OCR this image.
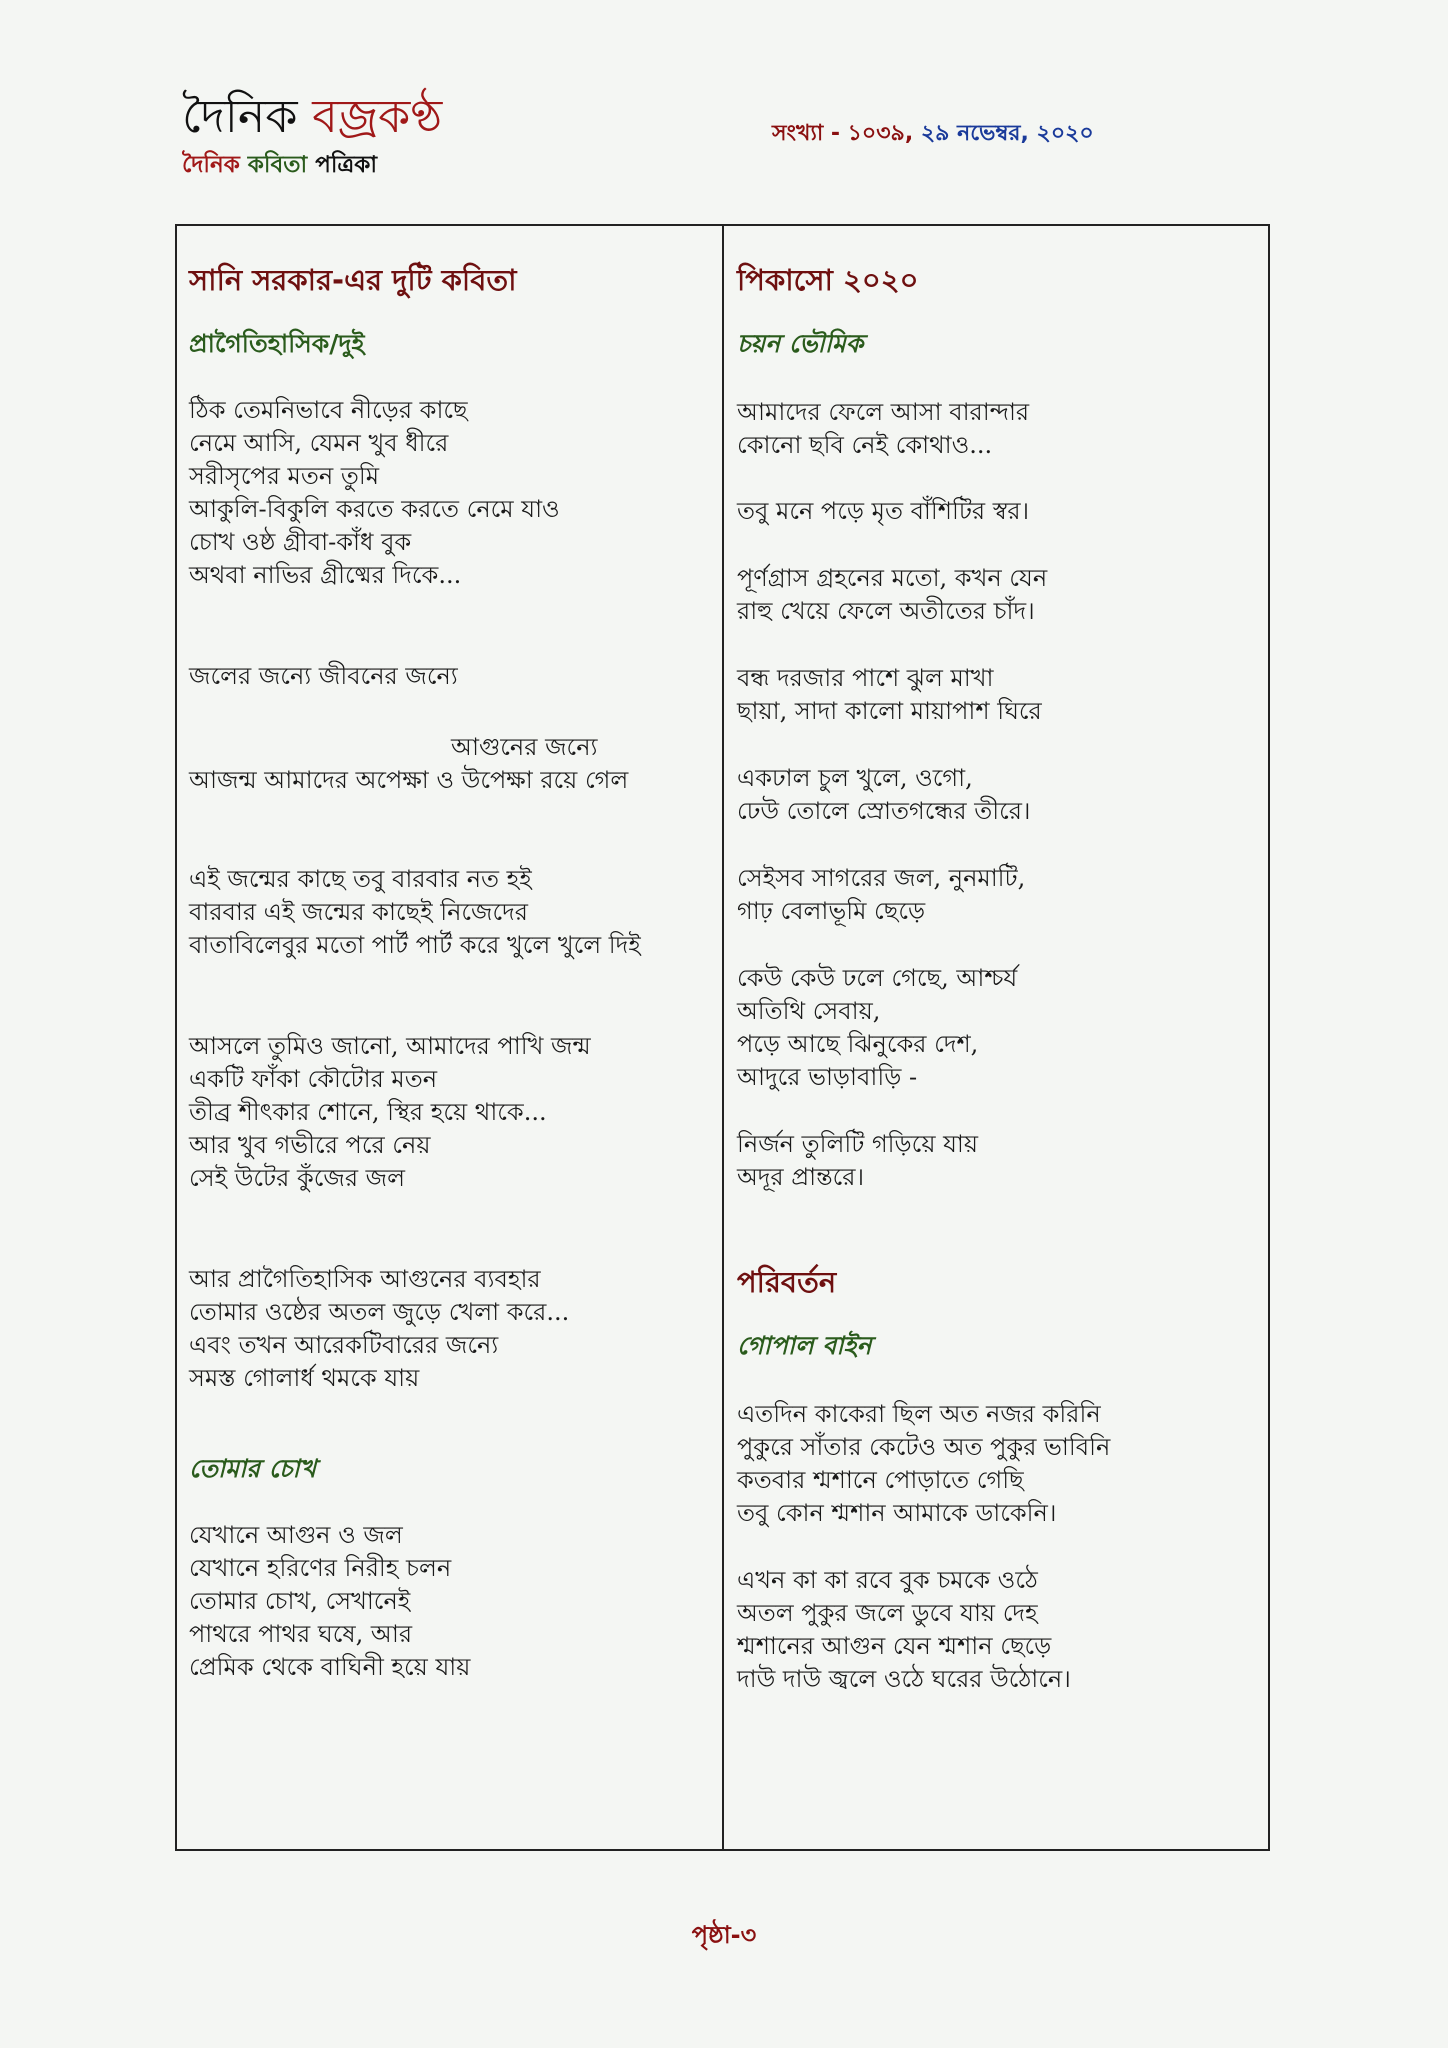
দৈনিক বজ্রকণ্ঠ
দৈনিক কবিতা পত্রিকা
সংখ্যা - ১০৩৯, ২৯ নভেম্বর, ২০২০
সানি সরকার-এর দুটি কবিতা
প্রাগৈতিহাসিক/দুই
ঠিক তেমনিভাবে নীড়ের কাছে
নেমে আসি, যেমন খুব ধীরে
সরীসৃপের মতন তুমি
আকুলি-বিকুলি করতে করতে নেমে যাও
চোখ ওষ্ঠ গ্রীবা-কাঁধ বুক
অথবা নাভির গ্রীষ্মের দিকে...
জলের জন্যে জীবনের জন্যে
আগুনের জন্যে
আজন্ম আমাদের অপেক্ষা ও উপেক্ষা রয়ে গেল
এই জন্মের কাছে তবু বারবার নত হই
বারবার এই জন্মের কাছেই নিজেদের
বাতাবিলেবুর মতো পার্ট পার্ট করে খুলে খুলে দিই
আসলে তুমিও জানো, আমাদের পাখি জন্ম
একটি ফাঁকা কৌটোর মতন
তীব্র শীৎকার শোনে, স্থির হয়ে থাকে...
আর খুব গভীরে পরে নেয়
সেই উটের কুঁজের জল
আর প্রাগৈতিহাসিক আগুনের ব্যবহার
তোমার ওষ্ঠের অতল জুড়ে খেলা করে...
এবং তখন আরেকটিবারের জন্যে
সমস্ত গোলার্ধ থমকে যায়
তোমার চোখ
যেখানে আগুন ও জল
যেখানে হরিণের নিরীহ চলন
তোমার চোখ, সেখানেই
পাথরে পাথর ঘষে, আর
প্রেমিক থেকে বাঘিনী হয়ে যায়
পিকাসো ২০২০
চয়ন ভৌমিক
আমাদের ফেলে আসা বারান্দার
কোনো ছবি নেই কোথাও...
তবু মনে পড়ে মৃত বাঁশিটির স্বর।
পূর্ণগ্রাস গ্রহনের মতো, কখন যেন
রাহু খেয়ে ফেলে অতীতের চাঁদ।
বন্ধ দরজার পাশে ঝুল মাখা
ছায়া, সাদা কালো মায়াপাশ ঘিরে
একঢাল চুল খুলে, ওগো,
ঢেউ তোলে স্রোতগন্ধের তীরে।
সেইসব সাগরের জল, নুনমাটি,
গাঢ় বেলাভূমি ছেড়ে
কেউ কেউ ঢলে গেছে, আশ্চর্য
অতিথি সেবায়,
পড়ে আছে ঝিনুকের দেশ,
আদুরে ভাড়াবাড়ি -
নির্জন তুলিটি গড়িয়ে যায়
অদূর প্রান্তরে।
পরিবর্তন
গোপাল বাইন
এতদিন কাকেরা ছিল অত নজর করিনি
পুকুরে সাঁতার কেটেও অত পুকুর ভাবিনি
কতবার শ্মশানে পোড়াতে গেছি
তবু কোন শ্মশান আমাকে ডাকেনি।
এখন কা কা রবে বুক চমকে ওঠে
অতল পুকুর জলে ডুবে যায় দেহ
শ্মশানের আগুন যেন শ্মশান ছেড়ে
দাউ দাউ জ্বলে ওঠে ঘরের উঠোনে।
পৃষ্ঠা-৩
